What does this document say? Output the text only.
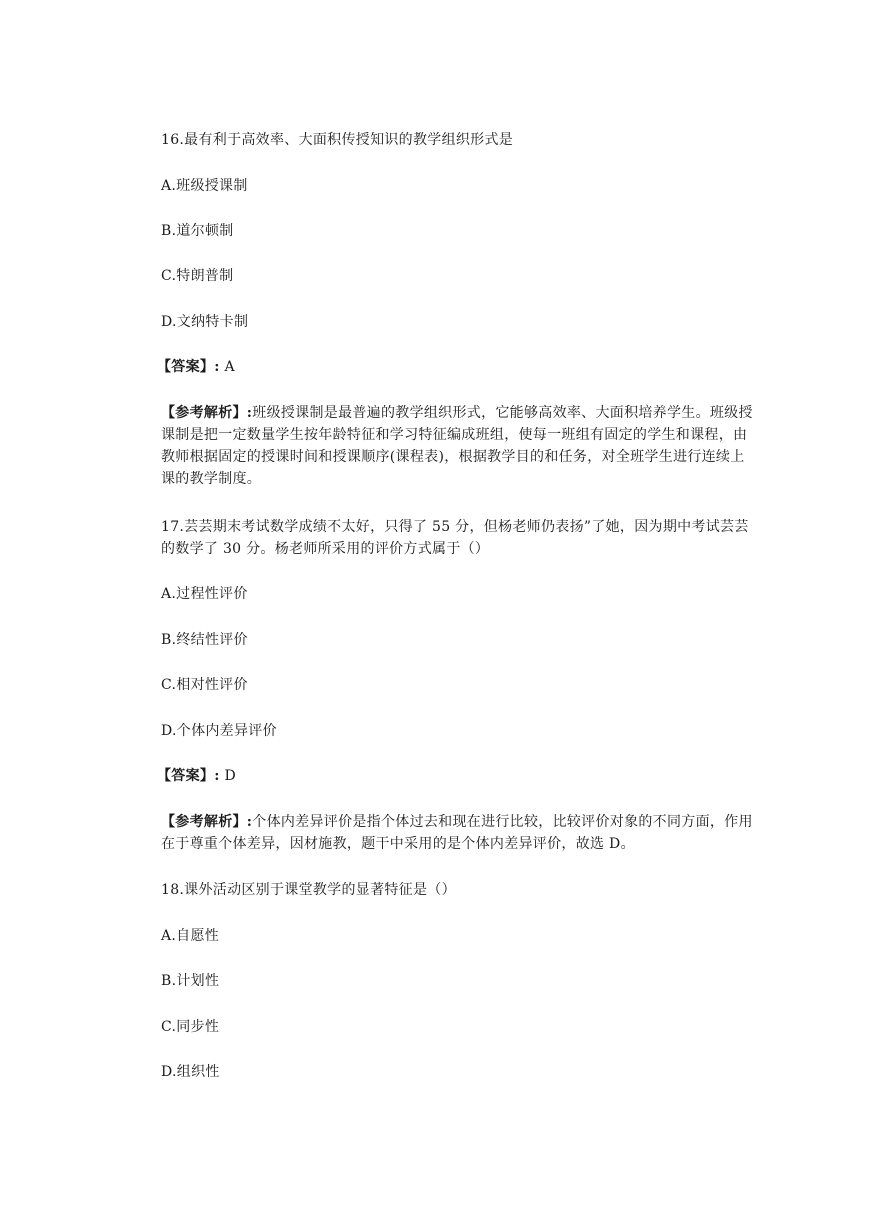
16.最有利于高效率、大面积传授知识的教学组织形式是
A.班级授课制
B.道尔顿制
C.特朗普制
D.文纳特卡制
【答案】: A
【参考解析】:班级授课制是最普遍的教学组织形式，它能够高效率、大面积培养学生。班级授课制是把一定数量学生按年龄特征和学习特征编成班组，使每一班组有固定的学生和课程，由教师根据固定的授课时间和授课顺序(课程表)，根据教学目的和任务，对全班学生进行连续上课的教学制度。
17.芸芸期末考试数学成绩不太好，只得了 55 分，但杨老师仍表扬”了她，因为期中考试芸芸的数学了 30 分。杨老师所采用的评价方式属于（）
A.过程性评价
B.终结性评价
C.相对性评价
D.个体内差异评价
【答案】: D
【参考解析】:个体内差异评价是指个体过去和现在进行比较，比较评价对象的不同方面，作用在于尊重个体差异，因材施教，题干中采用的是个体内差异评价，故选 D。
18.课外活动区别于课堂教学的显著特征是（）
A.自愿性
B.计划性
C.同步性
D.组织性
